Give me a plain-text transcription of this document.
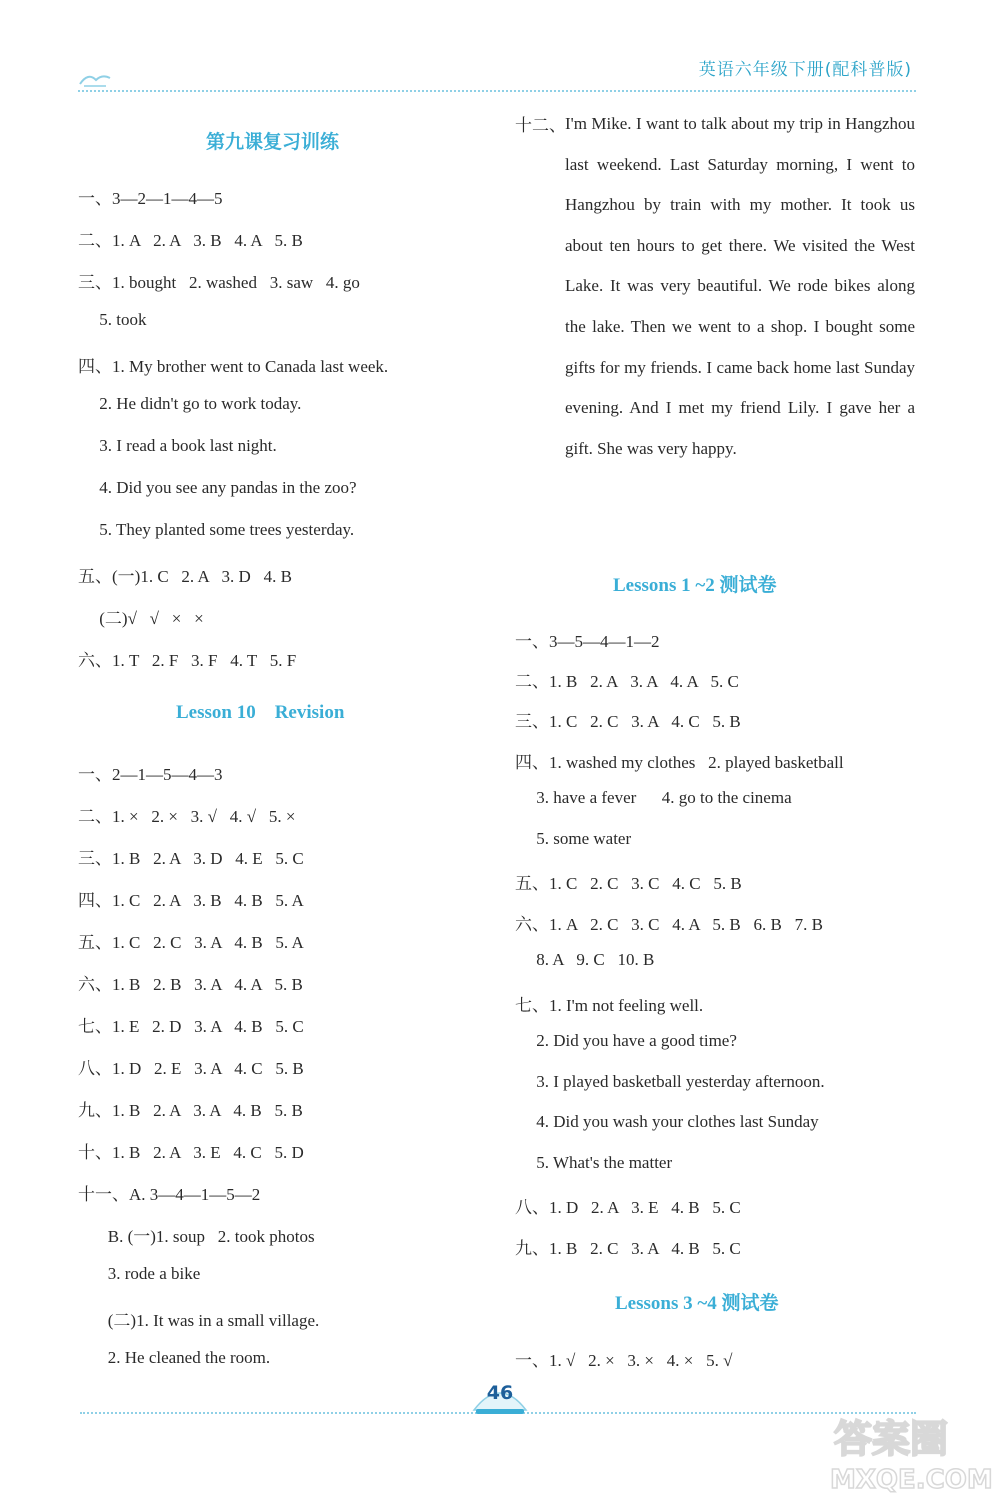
英语六年级下册(配科普版)
第九课复习训练
一、3—2—1—4—5
二、1. A   2. A   3. B   4. A   5. B
三、1. bought   2. washed   3. saw   4. go
5. took
四、1. My brother went to Canada last week.
2. He didn't go to work today.
3. I read a book last night.
4. Did you see any pandas in the zoo?
5. They planted some trees yesterday.
五、(一)1. C   2. A   3. D   4. B
(二)√   √   ×   ×
六、1. T   2. F   3. F   4. T   5. F
Lesson 10    Revision
一、2—1—5—4—3
二、1. ×   2. ×   3. √   4. √   5. ×
三、1. B   2. A   3. D   4. E   5. C
四、1. C   2. A   3. B   4. B   5. A
五、1. C   2. C   3. A   4. B   5. A
六、1. B   2. B   3. A   4. A   5. B
七、1. E   2. D   3. A   4. B   5. C
八、1. D   2. E   3. A   4. C   5. B
九、1. B   2. A   3. A   4. B   5. B
十、1. B   2. A   3. E   4. C   5. D
十一、A. 3—4—1—5—2
B. (一)1. soup   2. took photos
3. rode a bike
(二)1. It was in a small village.
2. He cleaned the room.
十二、 I'm Mike. I want to talk about my trip in Hangzhou last weekend. Last Saturday morning, I went to Hangzhou by train with my mother. It took us about ten hours to get there. We visited the West Lake. It was very beautiful. We rode bikes along the lake. Then we went to a shop. I bought some gifts for my friends. I came back home last Sunday evening. And I met my friend Lily. I gave her a gift. She was very happy.
Lessons 1 ~2 测试卷
一、3—5—4—1—2
二、1. B   2. A   3. A   4. A   5. C
三、1. C   2. C   3. A   4. C   5. B
四、1. washed my clothes   2. played basketball
3. have a fever      4. go to the cinema
5. some water
五、1. C   2. C   3. C   4. C   5. B
六、1. A   2. C   3. C   4. A   5. B   6. B   7. B
8. A   9. C   10. B
七、1. I'm not feeling well.
2. Did you have a good time?
3. I played basketball yesterday afternoon.
4. Did you wash your clothes last Sunday
5. What's the matter
八、1. D   2. A   3. E   4. B   5. C
九、1. B   2. C   3. A   4. B   5. C
Lessons 3 ~4 测试卷
一、1. √   2. ×   3. ×   4. ×   5. √
46
答案圈
MXQE.COM
